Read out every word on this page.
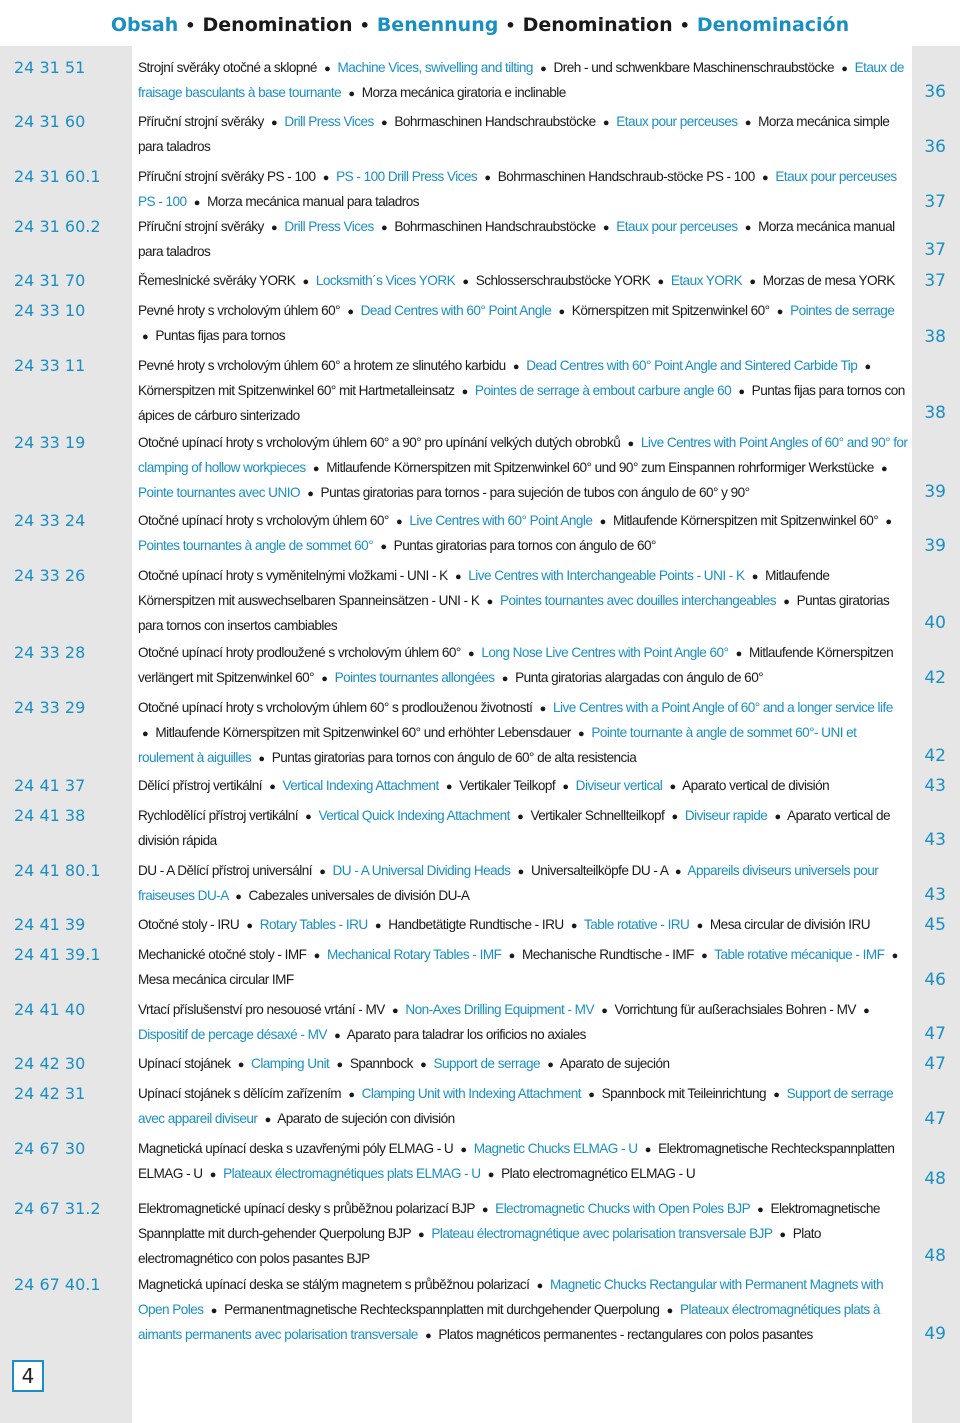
Obsah • Denomination • Benennung • Denomination • Denominación
24 31 51	Strojní svěráky otočné a sklopné ● Machine Vices, swivelling and tilting ● Dreh - und schwenkbare Maschinenschraubstöcke ● Etaux de fraisage basculants à base tournante ● Morza mecánica giratoria e inclinable	36
24 31 60	Příruční strojní svěráky ● Drill Press Vices ● Bohrmaschinen Handschraubstöcke ● Etaux pour perceuses ● Morza mecánica simple para taladros	36
24 31 60.1	Příruční strojní svěráky PS - 100 ● PS - 100 Drill Press Vices ● Bohrmaschinen Handschraub-stöcke PS - 100 ● Etaux pour perceuses PS - 100 ● Morza mecánica manual para taladros	37
24 31 60.2	Příruční strojní svěráky ● Drill Press Vices ● Bohrmaschinen Handschraubstöcke ● Etaux pour perceuses ● Morza mecánica manual para taladros	37
24 31 70	Řemeslnické svěráky YORK ● Locksmith´s Vices YORK ● Schlosserschraubstöcke YORK ● Etaux YORK ● Morzas de mesa YORK	37
24 33 10	Pevné hroty s vrcholovým úhlem 60° ● Dead Centres with 60° Point Angle ● Körnerspitzen mit Spitzenwinkel 60° ● Pointes de serrage ● Puntas fijas para tornos	38
24 33 11	Pevné hroty s vrcholovým úhlem 60° a hrotem ze slinutého karbidu ● Dead Centres with 60° Point Angle and Sintered Carbide Tip ● Körnerspitzen mit Spitzenwinkel 60° mit Hartmetalleinsatz ● Pointes de serrage à embout carbure angle 60 ● Puntas fijas para tornos con ápices de cárburo sinterizado	38
24 33 19	Otočné upínací hroty s vrcholovým úhlem 60° a 90° pro upínání velkých dutých obrobků ● Live Centres with Point Angles of 60° and 90° for clamping of hollow workpieces ● Mitlaufende Körnerspitzen mit Spitzenwinkel 60° und 90° zum Einspannen rohrformiger Werkstücke ● Pointe tournantes avec UNIO ● Puntas giratorias para tornos - para sujeción de tubos con ángulo de 60° y 90°	39
24 33 24	Otočné upínací hroty s vrcholovým úhlem 60° ● Live Centres with 60° Point Angle ● Mitlaufende Körnerspitzen mit Spitzenwinkel 60° ● Pointes tournantes à angle de sommet 60° ● Puntas giratorias para tornos con ángulo de 60°	39
24 33 26	Otočné upínací hroty s vyměnitelnými vložkami - UNI - K ● Live Centres with Interchangeable Points - UNI - K ● Mitlaufende Körnerspitzen mit auswechselbaren Spanneinsätzen - UNI - K ● Pointes tournantes avec douilles interchangeables ● Puntas giratorias para tornos con insertos cambiables	40
24 33 28	Otočné upínací hroty prodloužené s vrcholovým úhlem 60° ● Long Nose Live Centres with Point Angle 60° ● Mitlaufende Körnerspitzen verlängert mit Spitzenwinkel 60° ● Pointes tournantes allongées ● Punta giratorias alargadas con ángulo de 60°	42
24 33 29	Otočné upínací hroty s vrcholovým úhlem 60° s prodlouženou životností ● Live Centres with a Point Angle of 60° and a longer service life ● Mitlaufende Körnerspitzen mit Spitzenwinkel 60° und erhöhter Lebensdauer ● Pointe tournante à angle de sommet 60°- UNI et roulement à aiguilles ● Puntas giratorias para tornos con ángulo de 60° de alta resistencia	42
24 41 37	Dělící přístroj vertikální ● Vertical Indexing Attachment ● Vertikaler Teilkopf ● Diviseur vertical ● Aparato vertical de división	43
24 41 38	Rychlodělící přístroj vertikální ● Vertical Quick Indexing Attachment ● Vertikaler Schnellteilkopf ● Diviseur rapide ● Aparato vertical de división rápida	43
24 41 80.1	DU - A Dělící přístroj universální ● DU - A Universal Dividing Heads ● Universalteilköpfe DU - A ● Appareils diviseurs universels pour fraiseuses DU-A ● Cabezales universales de división DU-A	43
24 41 39	Otočné stoly - IRU ● Rotary Tables - IRU ● Handbetätigte Rundtische - IRU ● Table rotative - IRU ● Mesa circular de división IRU	45
24 41 39.1	Mechanické otočné stoly - IMF ● Mechanical Rotary Tables - IMF ● Mechanische Rundtische - IMF ● Table rotative mécanique - IMF ● Mesa mecánica circular IMF	46
24 41 40	Vrtací příslušenství pro nesouosé vrtání - MV ● Non-Axes Drilling Equipment - MV ● Vorrichtung für außerachsiales Bohren - MV ● Dispositif de percage désaxé - MV ● Aparato para taladrar los orificios no axiales	47
24 42 30	Upínací stojánek ● Clamping Unit ● Spannbock ● Support de serrage ● Aparato de sujeción	47
24 42 31	Upínací stojánek s dělícím zařízením ● Clamping Unit with Indexing Attachment ● Spannbock mit Teileinrichtung ● Support de serrage avec appareil diviseur ● Aparato de sujeción con división	47
24 67 30	Magnetická upínací deska s uzavřenými póly ELMAG - U ● Magnetic Chucks ELMAG - U ● Elektromagnetische Rechteckspannplatten ELMAG - U ● Plateaux électromagnétiques plats ELMAG - U ● Plato electromagnético ELMAG - U	48
24 67 31.2	Elektromagnetické upínací desky s průběžnou polarizací BJP ● Electromagnetic Chucks with Open Poles BJP ● Elektromagnetische Spannplatte mit durch-gehender Querpolung BJP ● Plateau électromagnétique avec polarisation transversale BJP ● Plato electromagnético con polos pasantes BJP	48
24 67 40.1	Magnetická upínací deska se stálým magnetem s průběžnou polarizací ● Magnetic Chucks Rectangular with Permanent Magnets with Open Poles ● Permanentmagnetische Rechteckspannplatten mit durchgehender Querpolung ● Plateaux électromagnétiques plats à aimants permanents avec polarisation transversale ● Platos magnéticos permanentes - rectangulares con polos pasantes	49
4
